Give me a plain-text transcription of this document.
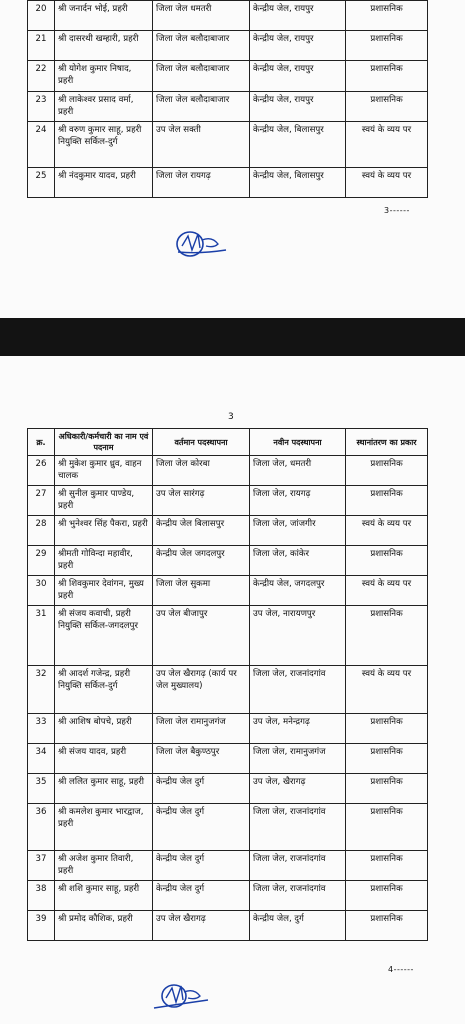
20	श्री जनार्दन भोई, प्रहरी	जिला जेल धमतरी	केन्द्रीय जेल, रायपुर	प्रशासनिक
21	श्री दासरथी खम्हारी, प्रहरी	जिला जेल बलौदाबाजार	केन्द्रीय जेल, रायपुर	प्रशासनिक
22	श्री योगेश कुमार निषाद, प्रहरी	जिला जेल बलौदाबाजार	केन्द्रीय जेल, रायपुर	प्रशासनिक
23	श्री लाकेश्वर प्रसाद वर्मा, प्रहरी	जिला जेल बलौदाबाजार	केन्द्रीय जेल, रायपुर	प्रशासनिक
24	श्री वरुण कुमार साहू, प्रहरी नियुक्ति सर्किल-दुर्ग	उप जेल सक्ती	केन्द्रीय जेल, बिलासपुर	स्वयं के व्यय पर
25	श्री नंदकुमार यादव, प्रहरी	जिला जेल रायगढ़	केन्द्रीय जेल, बिलासपुर	स्वयं के व्यय पर
3------
3
क्र.	अधिकारी/कर्मचारी का नाम एवं पदनाम	वर्तमान पदस्थापना	नवीन पदस्थापना	स्थानांतरण का प्रकार
26	श्री मुकेश कुमार ध्रुव, वाहन चालक	जिला जेल कोरबा	जिला जेल, धमतरी	प्रशासनिक
27	श्री सुनील कुमार पाण्डेय, प्रहरी	उप जेल सारंगढ़	जिला जेल, रायगढ़	प्रशासनिक
28	श्री भुनेश्वर सिंह पैकरा, प्रहरी	केन्द्रीय जेल बिलासपुर	जिला जेल, जांजगीर	स्वयं के व्यय पर
29	श्रीमती गोविन्दा महावीर, प्रहरी	केन्द्रीय जेल जगदलपुर	जिला जेल, कांकेर	प्रशासनिक
30	श्री शिवकुमार देवांगन, मुख्य प्रहरी	जिला जेल सुकमा	केन्द्रीय जेल, जगदलपुर	स्वयं के व्यय पर
31	श्री संजय कवाची, प्रहरी नियुक्ति सर्किल-जगदलपुर	उप जेल बीजापुर	उप जेल, नारायणपुर	प्रशासनिक
32	श्री आदर्श गजेन्द्र, प्रहरी नियुक्ति सर्किल-दुर्ग	उप जेल खैरागढ़ (कार्य पर जेल मुख्यालय)	जिला जेल, राजनांदगांव	स्वयं के व्यय पर
33	श्री आशिष बोपचे, प्रहरी	जिला जेल रामानुजगंज	उप जेल, मनेन्द्रगढ़	प्रशासनिक
34	श्री संजय यादव, प्रहरी	जिला जेल बैकुण्ठपुर	जिला जेल, रामानुजगंज	प्रशासनिक
35	श्री ललित कुमार साहू, प्रहरी	केन्द्रीय जेल दुर्ग	उप जेल, खैरागढ़	प्रशासनिक
36	श्री कमलेश कुमार भारद्वाज, प्रहरी	केन्द्रीय जेल दुर्ग	जिला जेल, राजनांदगांव	प्रशासनिक
37	श्री अजेश कुमार तिवारी, प्रहरी	केन्द्रीय जेल दुर्ग	जिला जेल, राजनांदगांव	प्रशासनिक
38	श्री शशि कुमार साहू, प्रहरी	केन्द्रीय जेल दुर्ग	जिला जेल, राजनांदगांव	प्रशासनिक
39	श्री प्रमोद कौशिक, प्रहरी	उप जेल खैरागढ़	केन्द्रीय जेल, दुर्ग	प्रशासनिक
4------
